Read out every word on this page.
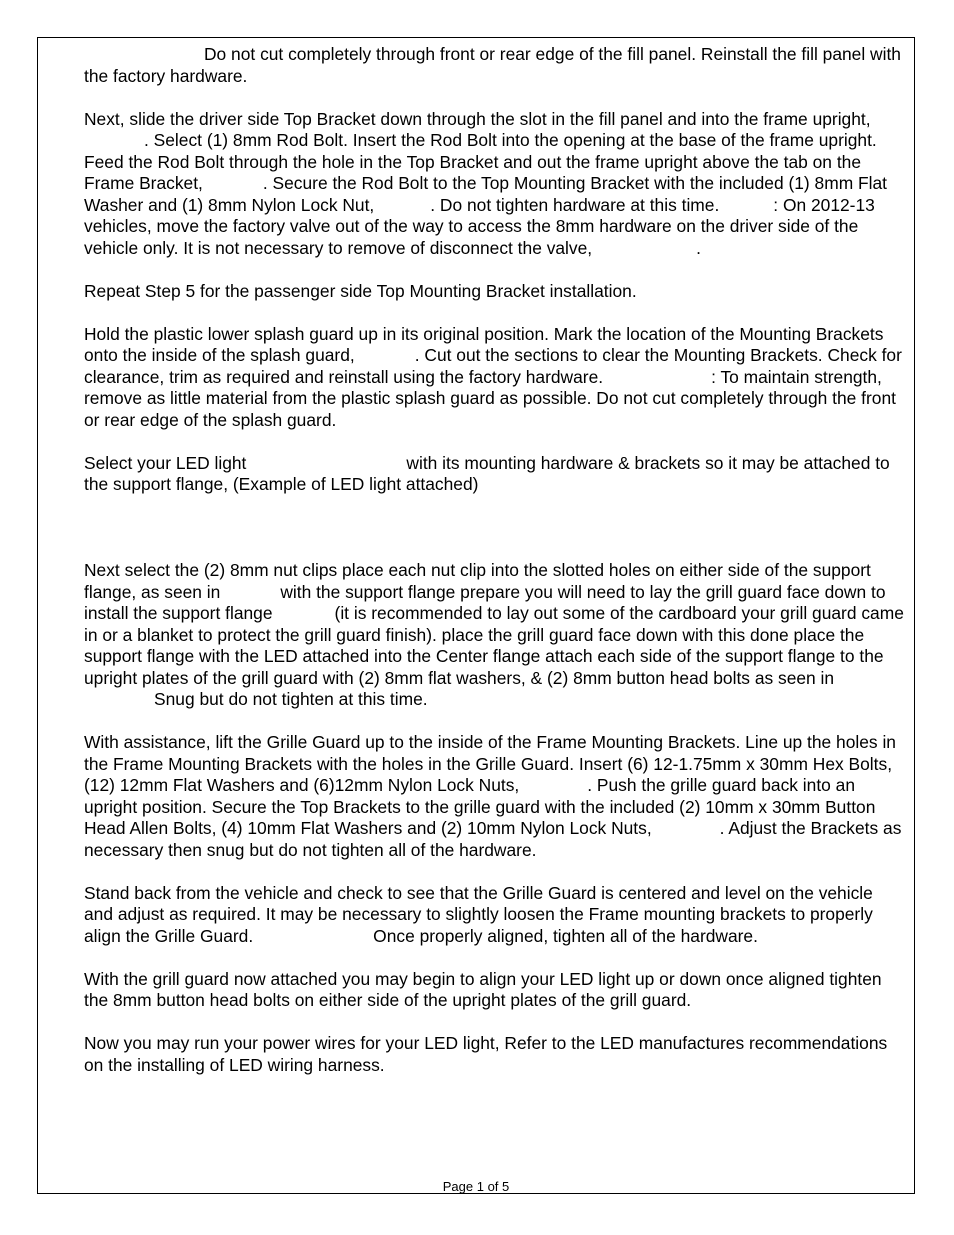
Do not cut completely through front or rear edge of the fill panel. Reinstall the fill panel with the factory hardware.

Next, slide the driver side Top Bracket down through the slot in the fill panel and into the frame upright,. Select (1) 8mm Rod Bolt. Insert the Rod Bolt into the opening at the base of the frame upright. Feed the Rod Bolt through the hole in the Top Bracket and out the frame upright above the tab on the Frame Bracket,	. Secure the Rod Bolt to the Top Mounting Bracket with the included (1) 8mm Flat Washer and (1) 8mm Nylon Lock Nut,	. Do not tighten hardware at this time.	: On 2012-13 vehicles, move the factory valve out of the way to access the 8mm hardware on the driver side of the vehicle only. It is not necessary to remove of disconnect the valve,	.

Repeat Step 5 for the passenger side Top Mounting Bracket installation.

Hold the plastic lower splash guard up in its original position. Mark the location of the Mounting Brackets onto the inside of the splash guard,	. Cut out the sections to clear the Mounting Brackets. Check for clearance, trim as required and reinstall using the factory hardware.	: To maintain strength, remove as little material from the plastic splash guard as possible. Do not cut completely through the front or rear edge of the splash guard.

Select your LED light	with its mounting hardware & brackets so it may be attached to the support flange, (Example of LED light attached)

Next select the (2) 8mm nut clips place each nut clip into the slotted holes on either side of the support flange, as seen in	with the support flange prepare you will need to lay the grill guard face down to install the support flange	(it is recommended to lay out some of the cardboard your grill guard came in or a blanket to protect the grill guard finish). place the grill guard face down with this done place the support flange with the LED attached into the Center flange attach each side of the support flange to the upright plates of the grill guard with (2) 8mm flat washers, & (2) 8mm button head bolts as seen inSnug but do not tighten at this time.

With assistance, lift the Grille Guard up to the inside of the Frame Mounting Brackets. Line up the holes in the Frame Mounting Brackets with the holes in the Grille Guard. Insert (6) 12-1.75mm x 30mm Hex Bolts, (12) 12mm Flat Washers and (6)12mm Nylon Lock Nuts,	. Push the grille guard back into an upright position. Secure the Top Brackets to the grille guard with the included (2) 10mm x 30mm Button Head Allen Bolts, (4) 10mm Flat Washers and (2) 10mm Nylon Lock Nuts,	. Adjust the Brackets as necessary then snug but do not tighten all of the hardware.

Stand back from the vehicle and check to see that the Grille Guard is centered and level on the vehicle and adjust as required. It may be necessary to slightly loosen the Frame mounting brackets to properly align the Grille Guard.	Once properly aligned, tighten all of the hardware.

With the grill guard now attached you may begin to align your LED light up or down once aligned tighten the 8mm button head bolts on either side of the upright plates of the grill guard.

Now you may run your power wires for your LED light, Refer to the LED manufactures recommendations on the installing of LED wiring harness.

Page 1 of 5
